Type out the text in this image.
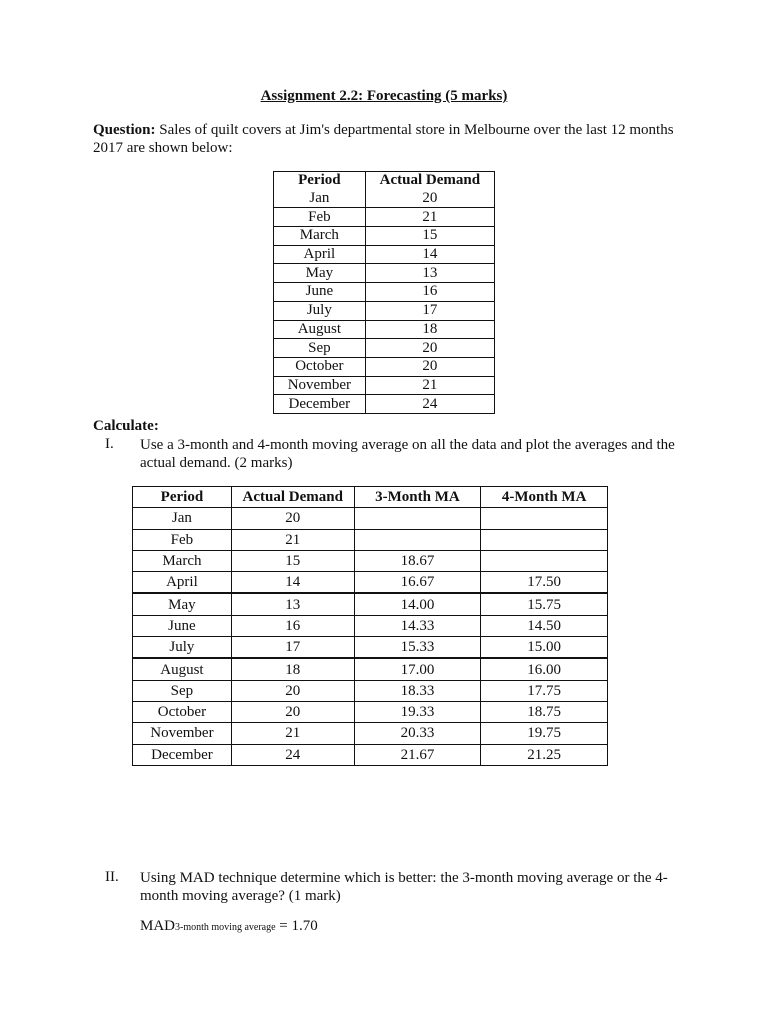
Assignment 2.2: Forecasting (5 marks)
Question: Sales of quilt covers at Jim's departmental store in Melbourne over the last 12 months 2017 are shown below:
Period	Actual Demand
Jan	20
Feb	21
March	15
April	14
May	13
June	16
July	17
August	18
Sep	20
October	20
November	21
December	24
Calculate:
I. Use a 3-month and 4-month moving average on all the data and plot the averages and the actual demand. (2 marks)
Period	Actual Demand	3-Month MA	4-Month MA
Jan	20		
Feb	21		
March	15	18.67	
April	14	16.67	17.50
May	13	14.00	15.75
June	16	14.33	14.50
July	17	15.33	15.00
August	18	17.00	16.00
Sep	20	18.33	17.75
October	20	19.33	18.75
November	21	20.33	19.75
December	24	21.67	21.25
II. Using MAD technique determine which is better: the 3-month moving average or the 4-month moving average? (1 mark)
MAD3-month moving average = 1.70
